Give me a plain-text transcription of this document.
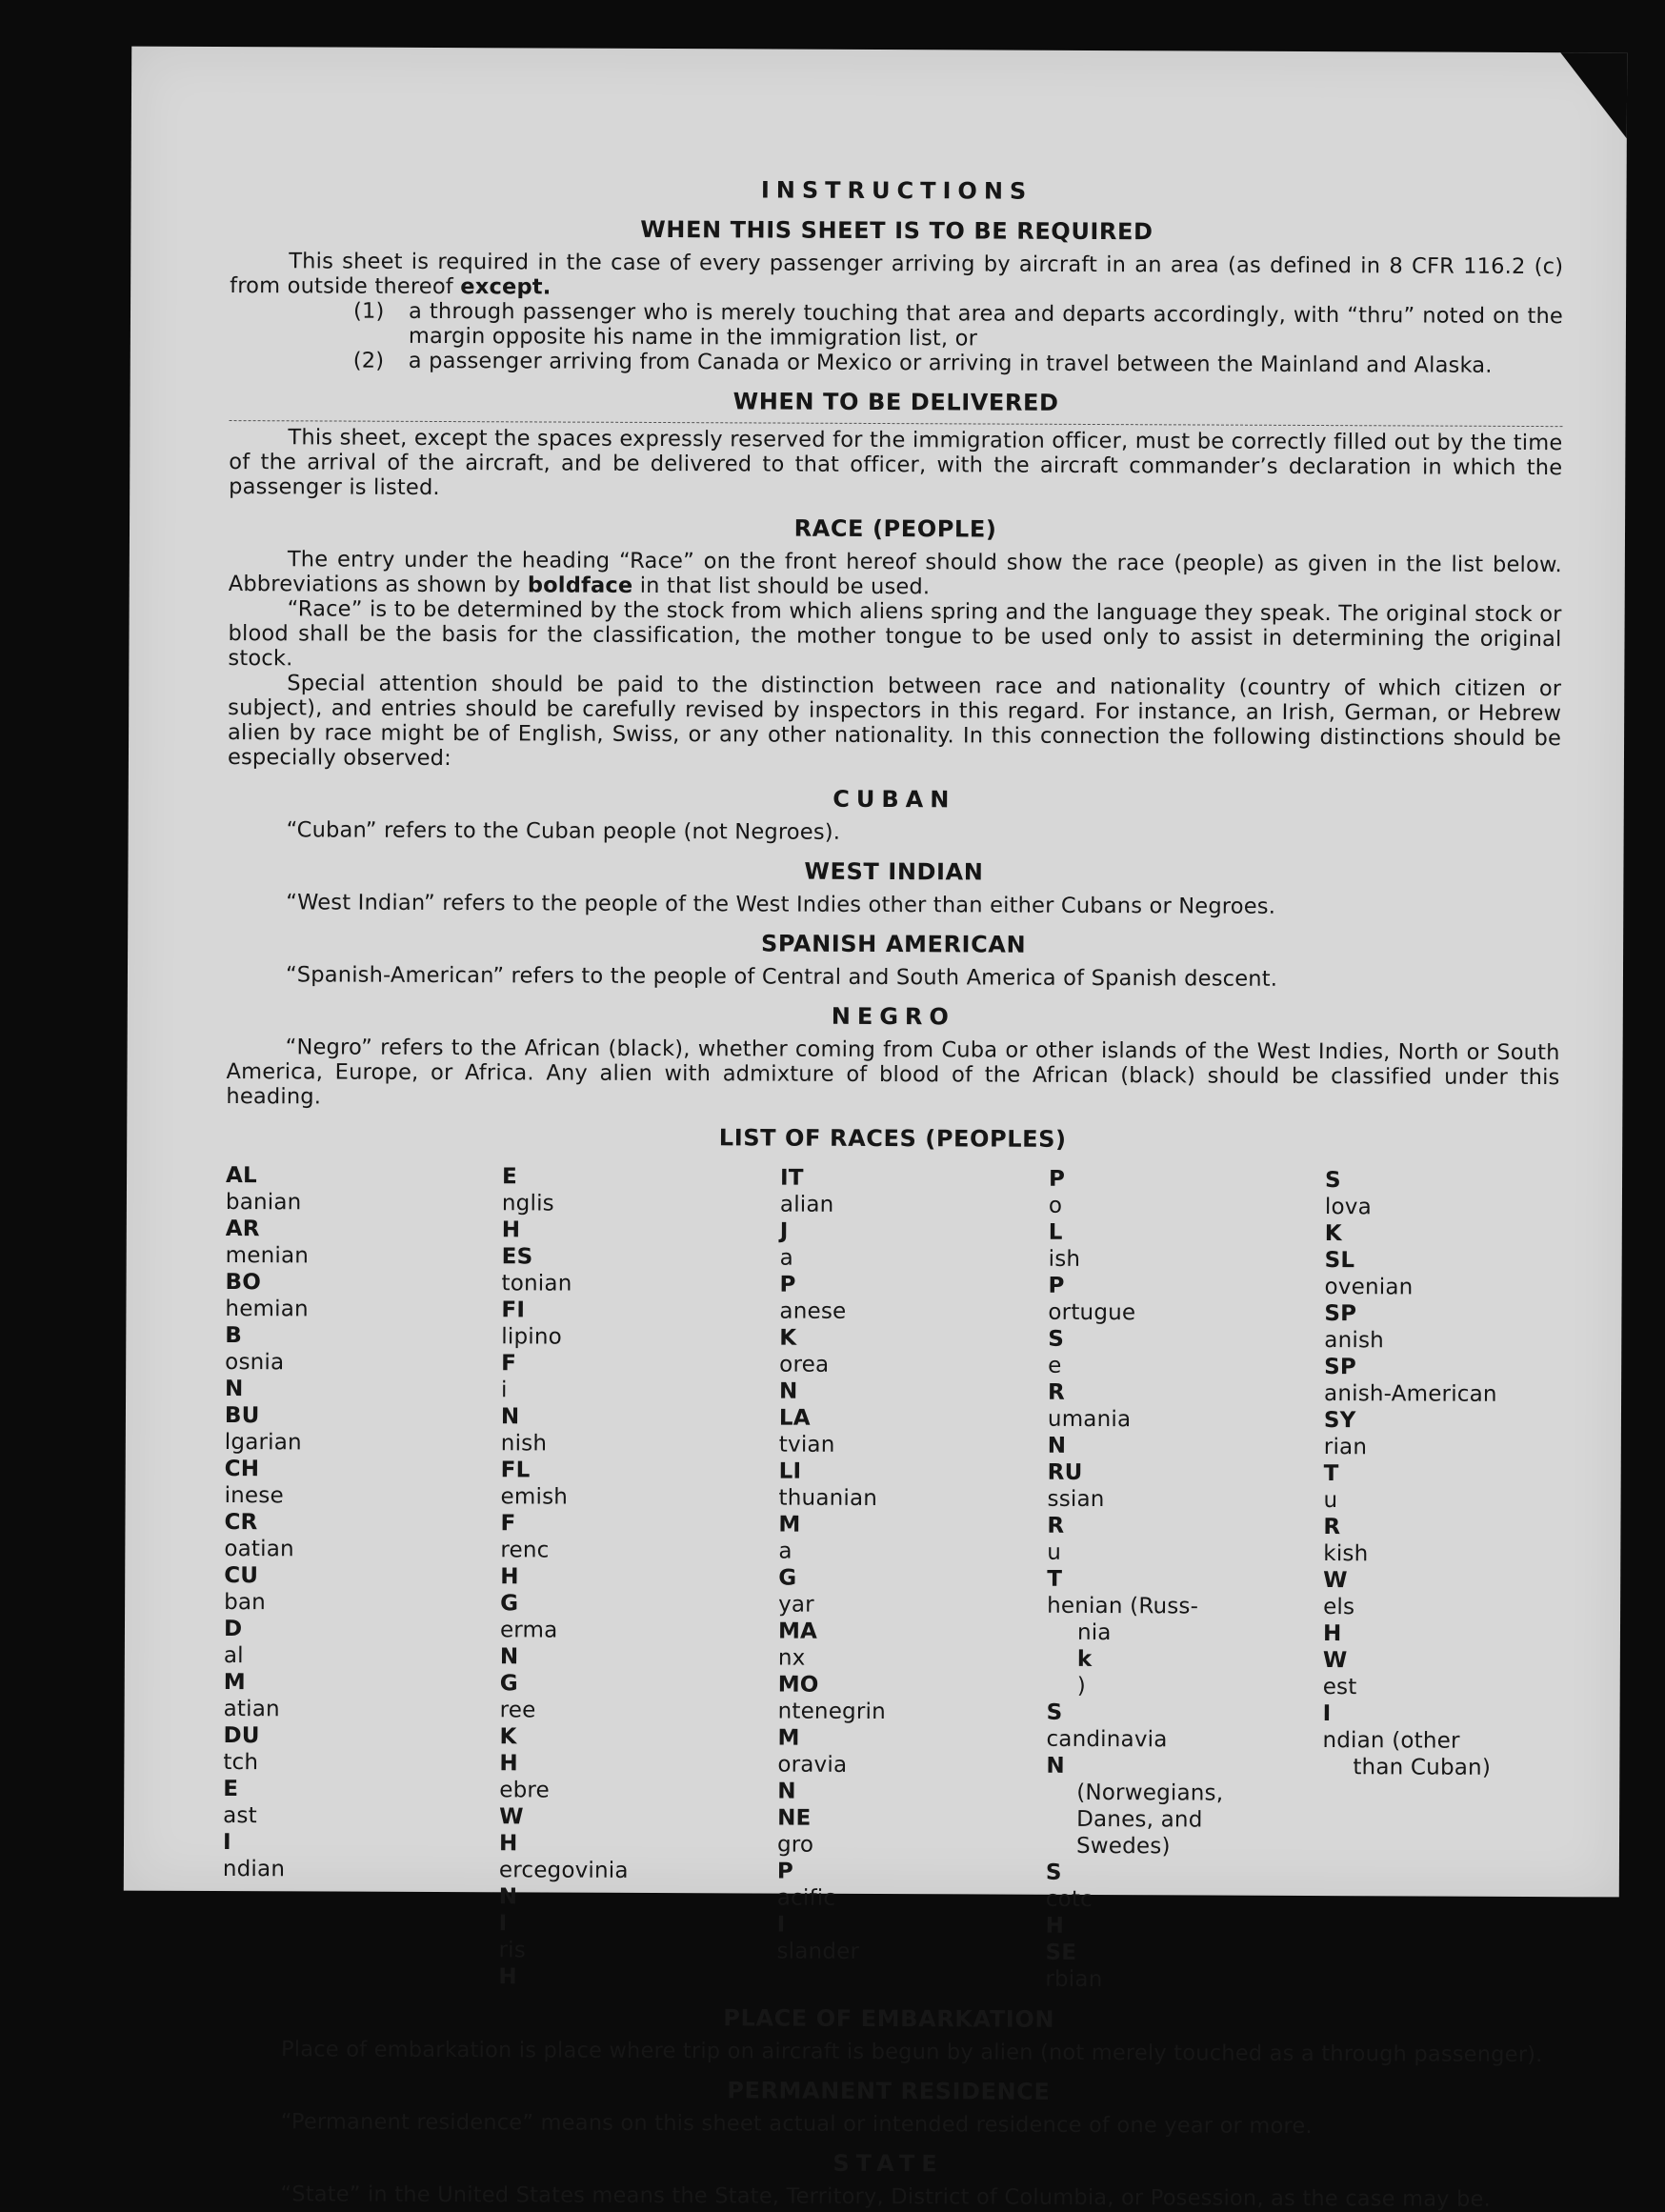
INSTRUCTIONS
WHEN THIS SHEET IS TO BE REQUIRED

This sheet is required in the case of every passenger arriving by aircraft in an area (as defined in 8 CFR 116.2 (c) from outside thereof except.

(1)	a through passenger who is merely touching that area and departs accordingly, with “thru” noted on the margin opposite his name in the immigration list, or
(2)	a passenger arriving from Canada or Mexico or arriving in travel between the Mainland and Alaska.
WHEN TO BE DELIVERED

This sheet, except the spaces expressly reserved for the immigration officer, must be correctly filled out by the time of the arrival of the aircraft, and be delivered to that officer, with the aircraft commander’s declaration in which the passenger is listed.

RACE (PEOPLE)

The entry under the heading “Race” on the front hereof should show the race (people) as given in the list below. Abbreviations as shown by boldface in that list should be used.

“Race” is to be determined by the stock from which aliens spring and the language they speak. The original stock or blood shall be the basis for the classification, the mother tongue to be used only to assist in determining the original stock.

Special attention should be paid to the distinction between race and nationality (country of which citizen or subject), and entries should be carefully revised by inspectors in this regard. For instance, an Irish, German, or Hebrew alien by race might be of English, Swiss, or any other nationality. In this connection the following distinctions should be especially observed:

CUBAN

“Cuban” refers to the Cuban people (not Negroes).

WEST INDIAN

“West Indian” refers to the people of the West Indies other than either Cubans or Negroes.

SPANISH AMERICAN

“Spanish-American” refers to the people of Central and South America of Spanish descent.

NEGRO

“Negro” refers to the African (black), whether coming from Cuba or other islands of the West Indies, North or South America, Europe, or Africa. Any alien with admixture of blood of the African (black) should be classified under this heading.

LIST OF RACES (PEOPLES)
AL
banian
AR
menian
BO
hemian
B
osnia
N
BU
lgarian
CH
inese
CR
oatian
CU
ban
D
al
M
atian
DU
tch
E
ast
I
ndian
E
nglis
H
ES
tonian
FI
lipino
F
i
N
nish
FL
emish
F
renc
H
G
erma
N
G
ree
K
H
ebre
W
H
ercegovinia
N
I
ris
H
IT
alian
J
a
P
anese
K
orea
N
LA
tvian
LI
thuanian
M
a
G
yar
MA
nx
MO
ntenegrin
M
oravia
N
NE
gro
P
acific
I
slander
P
o
L
ish
P
ortugue
S
e
R
umania
N
RU
ssian
R
u
T
henian (Russ-
nia
k
)
S
candinavia
N
(Norwegians,
Danes, and
Swedes)
S
cotc
H
SE
rbian
S
lova
K
SL
ovenian
SP
anish
SP
anish-American
SY
rian
T
u
R
kish
W
els
H
W
est
I
ndian (other
than Cuban)
PLACE OF EMBARKATION

Place of embarkation is place where trip on aircraft is begun by alien (not merely touched as a through passenger).

PERMANENT RESIDENCE

“Permanent residence” means on this sheet actual or intended residence of one year or more.

STATE

“State” in the United States means the State, Territory, District of Columbia, or Posession, as the case may be.
